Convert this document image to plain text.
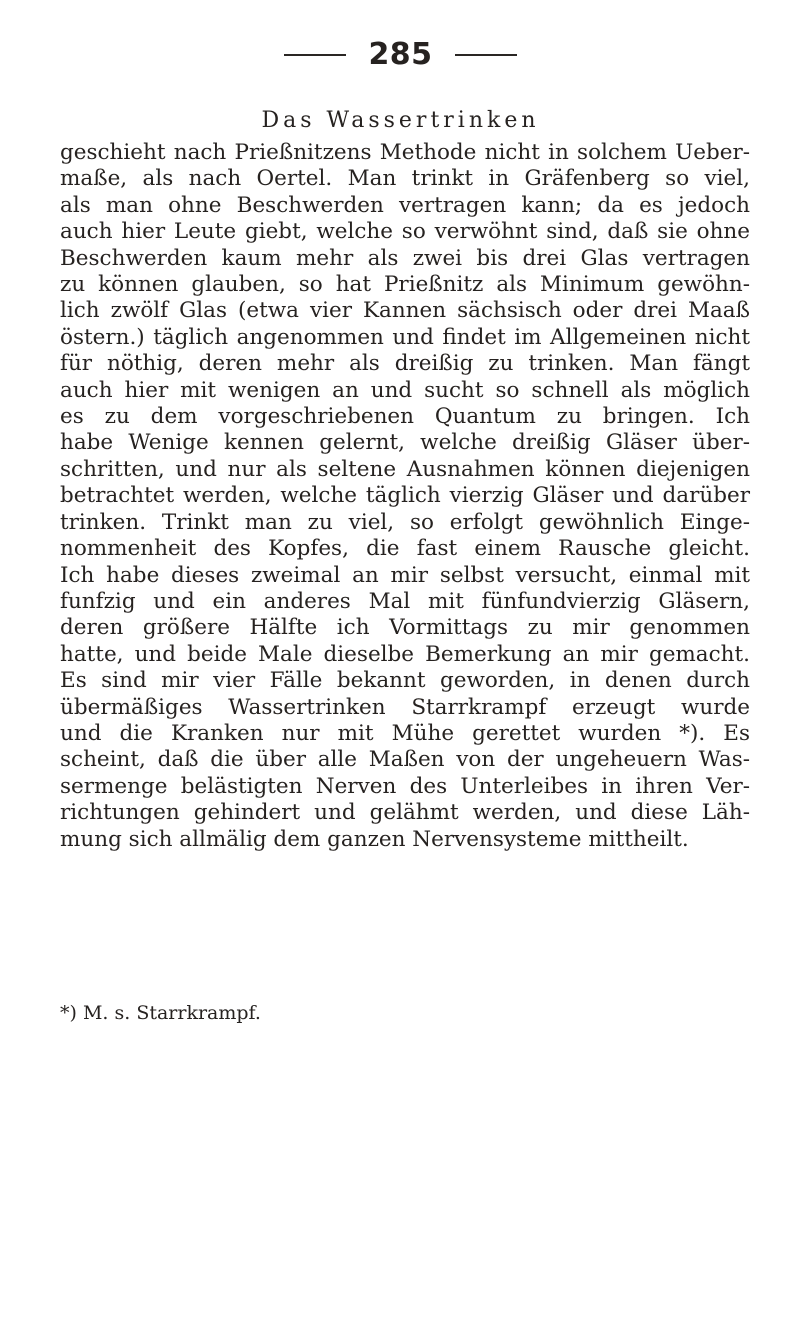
285
Das Wassertrinken
geschieht nach Prießnitzens Methode nicht in solchem Ueber-
maße, als nach Oertel. Man trinkt in Gräfenberg so viel,
als man ohne Beschwerden vertragen kann; da es jedoch
auch hier Leute giebt, welche so verwöhnt sind, daß sie ohne
Beschwerden kaum mehr als zwei bis drei Glas vertragen
zu können glauben, so hat Prießnitz als Minimum gewöhn-
lich zwölf Glas (etwa vier Kannen sächsisch oder drei Maaß
östern.) täglich angenommen und findet im Allgemeinen nicht
für nöthig, deren mehr als dreißig zu trinken. Man fängt
auch hier mit wenigen an und sucht so schnell als möglich
es zu dem vorgeschriebenen Quantum zu bringen. Ich
habe Wenige kennen gelernt, welche dreißig Gläser über-
schritten, und nur als seltene Ausnahmen können diejenigen
betrachtet werden, welche täglich vierzig Gläser und darüber
trinken. Trinkt man zu viel, so erfolgt gewöhnlich Einge-
nommenheit des Kopfes, die fast einem Rausche gleicht.
Ich habe dieses zweimal an mir selbst versucht, einmal mit
funfzig und ein anderes Mal mit fünfundvierzig Gläsern,
deren größere Hälfte ich Vormittags zu mir genommen
hatte, und beide Male dieselbe Bemerkung an mir gemacht.
Es sind mir vier Fälle bekannt geworden, in denen durch
übermäßiges Wassertrinken Starrkrampf erzeugt wurde
und die Kranken nur mit Mühe gerettet wurden *). Es
scheint, daß die über alle Maßen von der ungeheuern Was-
sermenge belästigten Nerven des Unterleibes in ihren Ver-
richtungen gehindert und gelähmt werden, und diese Läh-
mung sich allmälig dem ganzen Nervensysteme mittheilt.
*) M. s. Starrkrampf.
